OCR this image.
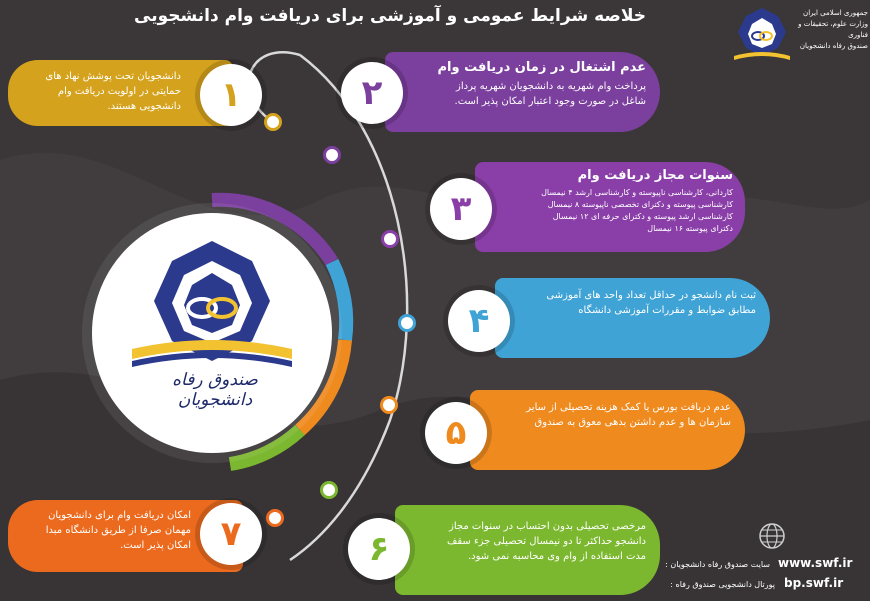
خلاصه شرایط عمومی و آموزشی برای دریافت وام دانشجویی	جمهوری اسلامی ایران
وزارت علوم، تحقیقات و فناوری
صندوق رفاه دانشجویان
صندوق رفاه دانشجویان
دانشجویان تحت پوشش نهاد های حمایتی در اولویت دریافت وام دانشجویی هستند. ۱
عدم اشتغال در زمان دریافت وام
پرداخت وام شهریه به دانشجویان شهریه پرداز شاغل در صورت وجود اعتبار امکان پذیر است.
۲
سنوات مجاز دریافت وام
کاردانی، کارشناسی ناپیوسته و کارشناسی ارشد ۴ نیمسال
کارشناسی پیوسته و دکترای تخصصی ناپیوسته ۸ نیمسال
کارشناسی ارشد پیوسته و دکترای حرفه ای ۱۲ نیمسال
دکترای پیوسته ۱۶ نیمسال
۳
ثبت نام دانشجو در حداقل تعداد واحد های آموزشی مطابق ضوابط و مقررات آموزشی دانشگاه
۴
عدم دریافت بورس یا کمک هزینه تحصیلی از سایر سازمان ها و عدم داشتن بدهی معوق به صندوق
۵
مرخصی تحصیلی بدون احتساب در سنوات مجاز دانشجو حداکثر تا دو نیمسال تحصیلی جزء سقف مدت استفاده از وام وی محاسبه نمی شود.
۶
امکان دریافت وام برای دانشجویان مهمان صرفا از طریق دانشگاه مبدا امکان پذیر است. ۷
سایت صندوق رفاه دانشجویان : www.swf.ir
پورتال دانشجویی صندوق رفاه : bp.swf.ir
